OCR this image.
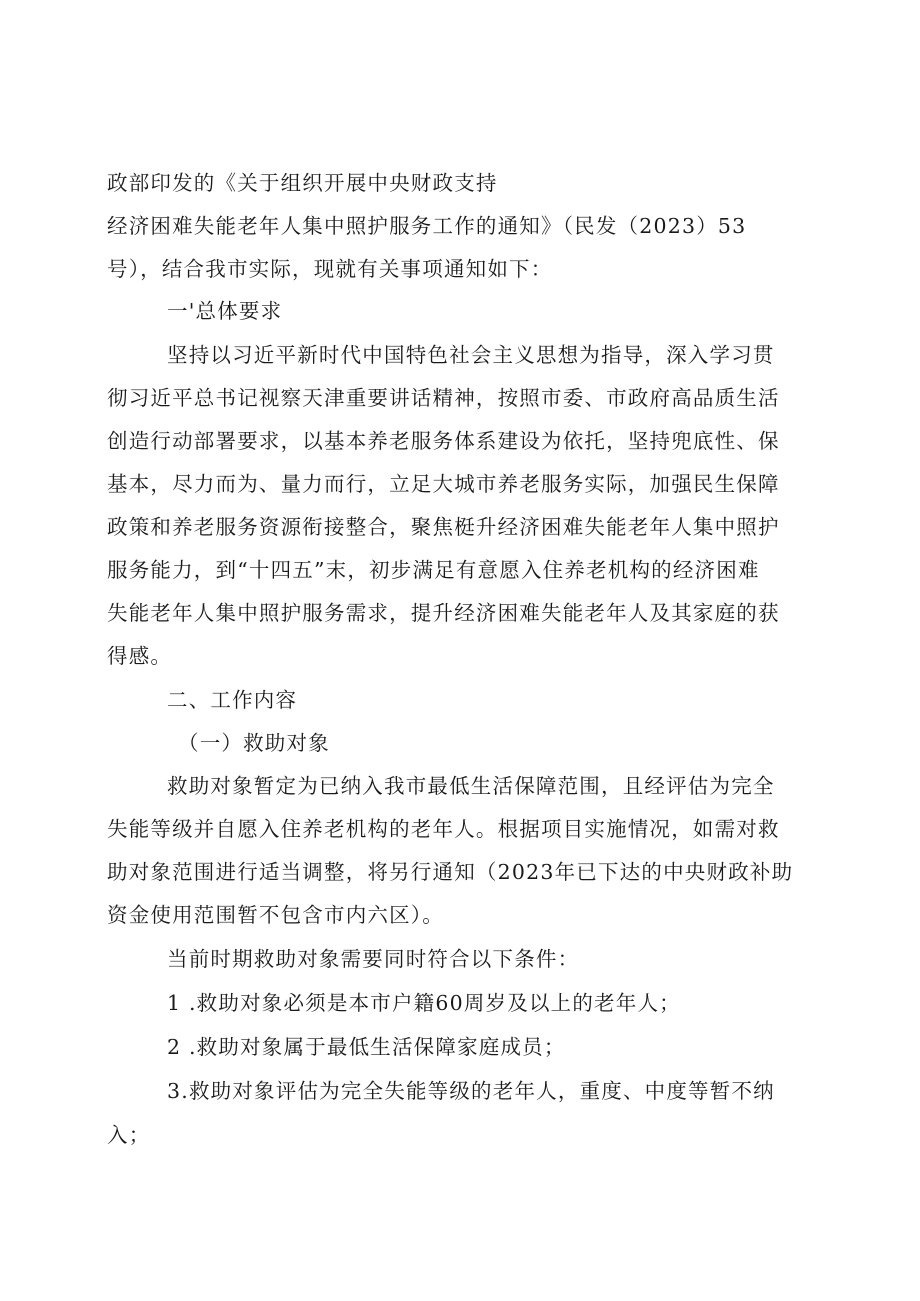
政部印发的《关于组织开展中央财政支持
经济困难失能老年人集中照护服务工作的通知》（民发（2023）53
号），结合我市实际，现就有关事项通知如下：
一'总体要求
坚持以习近平新时代中国特色社会主义思想为指导，深入学习贯
彻习近平总书记视察天津重要讲话精神，按照市委、市政府高品质生活
创造行动部署要求，以基本养老服务体系建设为依托，坚持兜底性、保
基本，尽力而为、量力而行，立足大城市养老服务实际，加强民生保障
政策和养老服务资源衔接整合，聚焦梃升经济困难失能老年人集中照护
服务能力，到“十四五”末，初步满足有意愿入住养老机构的经济困难
失能老年人集中照护服务需求，提升经济困难失能老年人及其家庭的获
得感。
二、工作内容
（一）救助对象
救助对象暂定为已纳入我市最低生活保障范围，且经评估为完全
失能等级并自愿入住养老机构的老年人。根据项目实施情况，如需对救
助对象范围进行适当调整，将另行通知（2023年已下达的中央财政补助
资金使用范围暂不包含市内六区）。
当前时期救助对象需要同时符合以下条件：
1 .救助对象必须是本市户籍60周岁及以上的老年人；
2 .救助对象属于最低生活保障家庭成员；
3.救助对象评估为完全失能等级的老年人，重度、中度等暂不纳
入；
